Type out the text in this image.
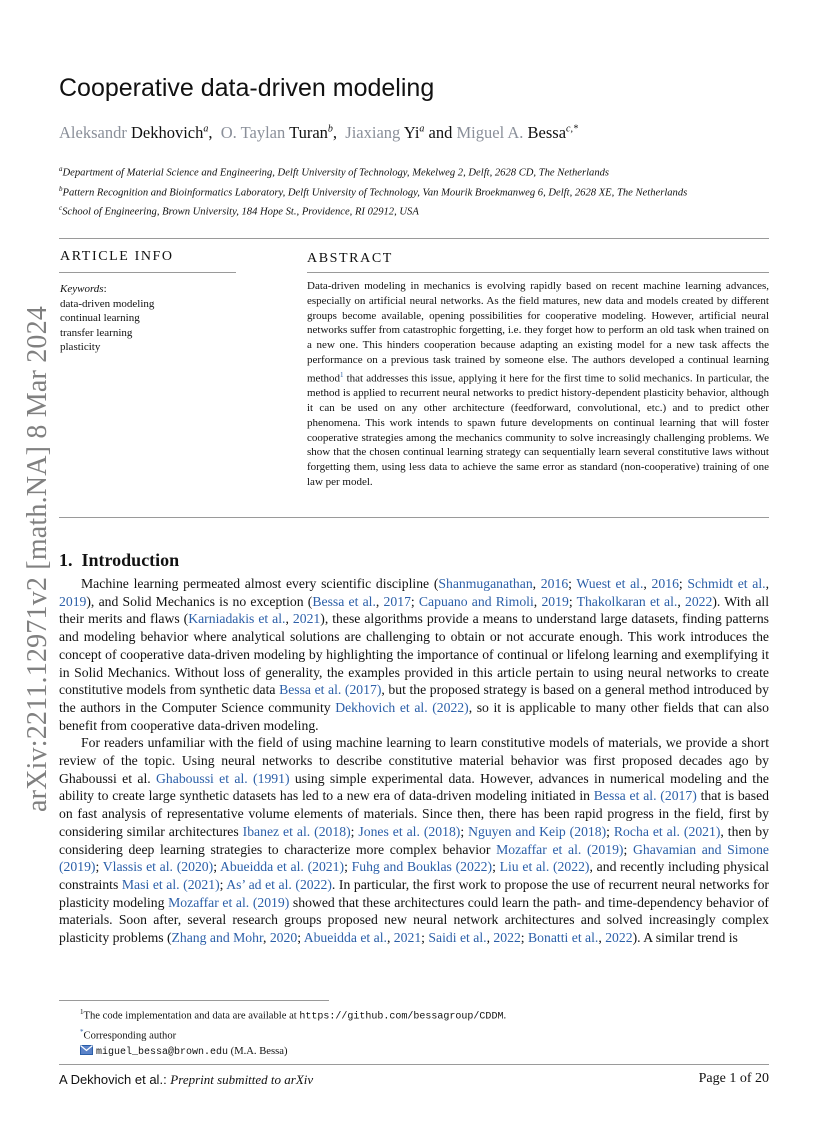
arXiv:2211.12971v2 [math.NA] 8 Mar 2024
Cooperative data-driven modeling
Aleksandr Dekhovich$^a$,  O. Taylan Turan$^b$,  Jiaxiang Yi$^a$ and Miguel A. Bessa$^{c,*}$
$^a$Department of Material Science and Engineering, Delft University of Technology, Mekelweg 2, Delft, 2628 CD, The Netherlands
$^b$Pattern Recognition and Bioinformatics Laboratory, Delft University of Technology, Van Mourik Broekmanweg 6, Delft, 2628 XE, The Netherlands
$^c$School of Engineering, Brown University, 184 Hope St., Providence, RI 02912, USA
ARTICLE INFO
Keywords:
data-driven modeling
continual learning
transfer learning
plasticity
ABSTRACT

Data-driven modeling in mechanics is evolving rapidly based on recent machine learning advances, especially on artificial neural networks. As the field matures, new data and models created by different groups become available, opening possibilities for cooperative modeling. However, artificial neural networks suffer from catastrophic forgetting, i.e. they forget how to perform an old task when trained on a new one. This hinders cooperation because adapting an existing model for a new task affects the performance on a previous task trained by someone else. The authors developed a continual learning method$^1$ that addresses this issue, applying it here for the first time to solid mechanics. In particular, the method is applied to recurrent neural networks to predict history-dependent plasticity behavior, although it can be used on any other architecture (feedforward, convolutional, etc.) and to predict other phenomena. This work intends to spawn future developments on continual learning that will foster cooperative strategies among the mechanics community to solve increasingly challenging problems. We show that the chosen continual learning strategy can sequentially learn several constitutive laws without forgetting them, using less data to achieve the same error as standard (non-cooperative) training of one law per model.

1. Introduction

Machine learning permeated almost every scientific discipline (Shanmuganathan, 2016; Wuest et al., 2016; Schmidt et al., 2019), and Solid Mechanics is no exception (Bessa et al., 2017; Capuano and Rimoli, 2019; Thakolkaran et al., 2022). With all their merits and flaws (Karniadakis et al., 2021), these algorithms provide a means to understand large datasets, finding patterns and modeling behavior where analytical solutions are challenging to obtain or not accurate enough. This work introduces the concept of cooperative data-driven modeling by highlighting the importance of continual or lifelong learning and exemplifying it in Solid Mechanics. Without loss of generality, the examples provided in this article pertain to using neural networks to create constitutive models from synthetic data Bessa et al. (2017), but the proposed strategy is based on a general method introduced by the authors in the Computer Science community Dekhovich et al. (2022), so it is applicable to many other fields that can also benefit from cooperative data-driven modeling.

For readers unfamiliar with the field of using machine learning to learn constitutive models of materials, we provide a short review of the topic. Using neural networks to describe constitutive material behavior was first proposed decades ago by Ghaboussi et al. Ghaboussi et al. (1991) using simple experimental data. However, advances in numerical modeling and the ability to create large synthetic datasets has led to a new era of data-driven modeling initiated in Bessa et al. (2017) that is based on fast analysis of representative volume elements of materials. Since then, there has been rapid progress in the field, first by considering similar architectures Ibanez et al. (2018); Jones et al. (2018); Nguyen and Keip (2018); Rocha et al. (2021), then by considering deep learning strategies to characterize more complex behavior Mozaffar et al. (2019); Ghavamian and Simone (2019); Vlassis et al. (2020); Abueidda et al. (2021); Fuhg and Bouklas (2022); Liu et al. (2022), and recently including physical constraints Masi et al. (2021); As’ ad et al. (2022). In particular, the first work to propose the use of recurrent neural networks for plasticity modeling Mozaffar et al. (2019) showed that these architectures could learn the path- and time-dependency behavior of materials. Soon after, several research groups proposed new neural network architectures and solved increasingly complex plasticity problems (Zhang and Mohr, 2020; Abueidda et al., 2021; Saidi et al., 2022; Bonatti et al., 2022). A similar trend is

$^1$The code implementation and data are available at https://github.com/bessagroup/CDDM.
*Corresponding author
miguel_bessa@brown.edu (M.A. Bessa)
A Dekhovich et al.: Preprint submitted to arXiv	Page 1 of 20
